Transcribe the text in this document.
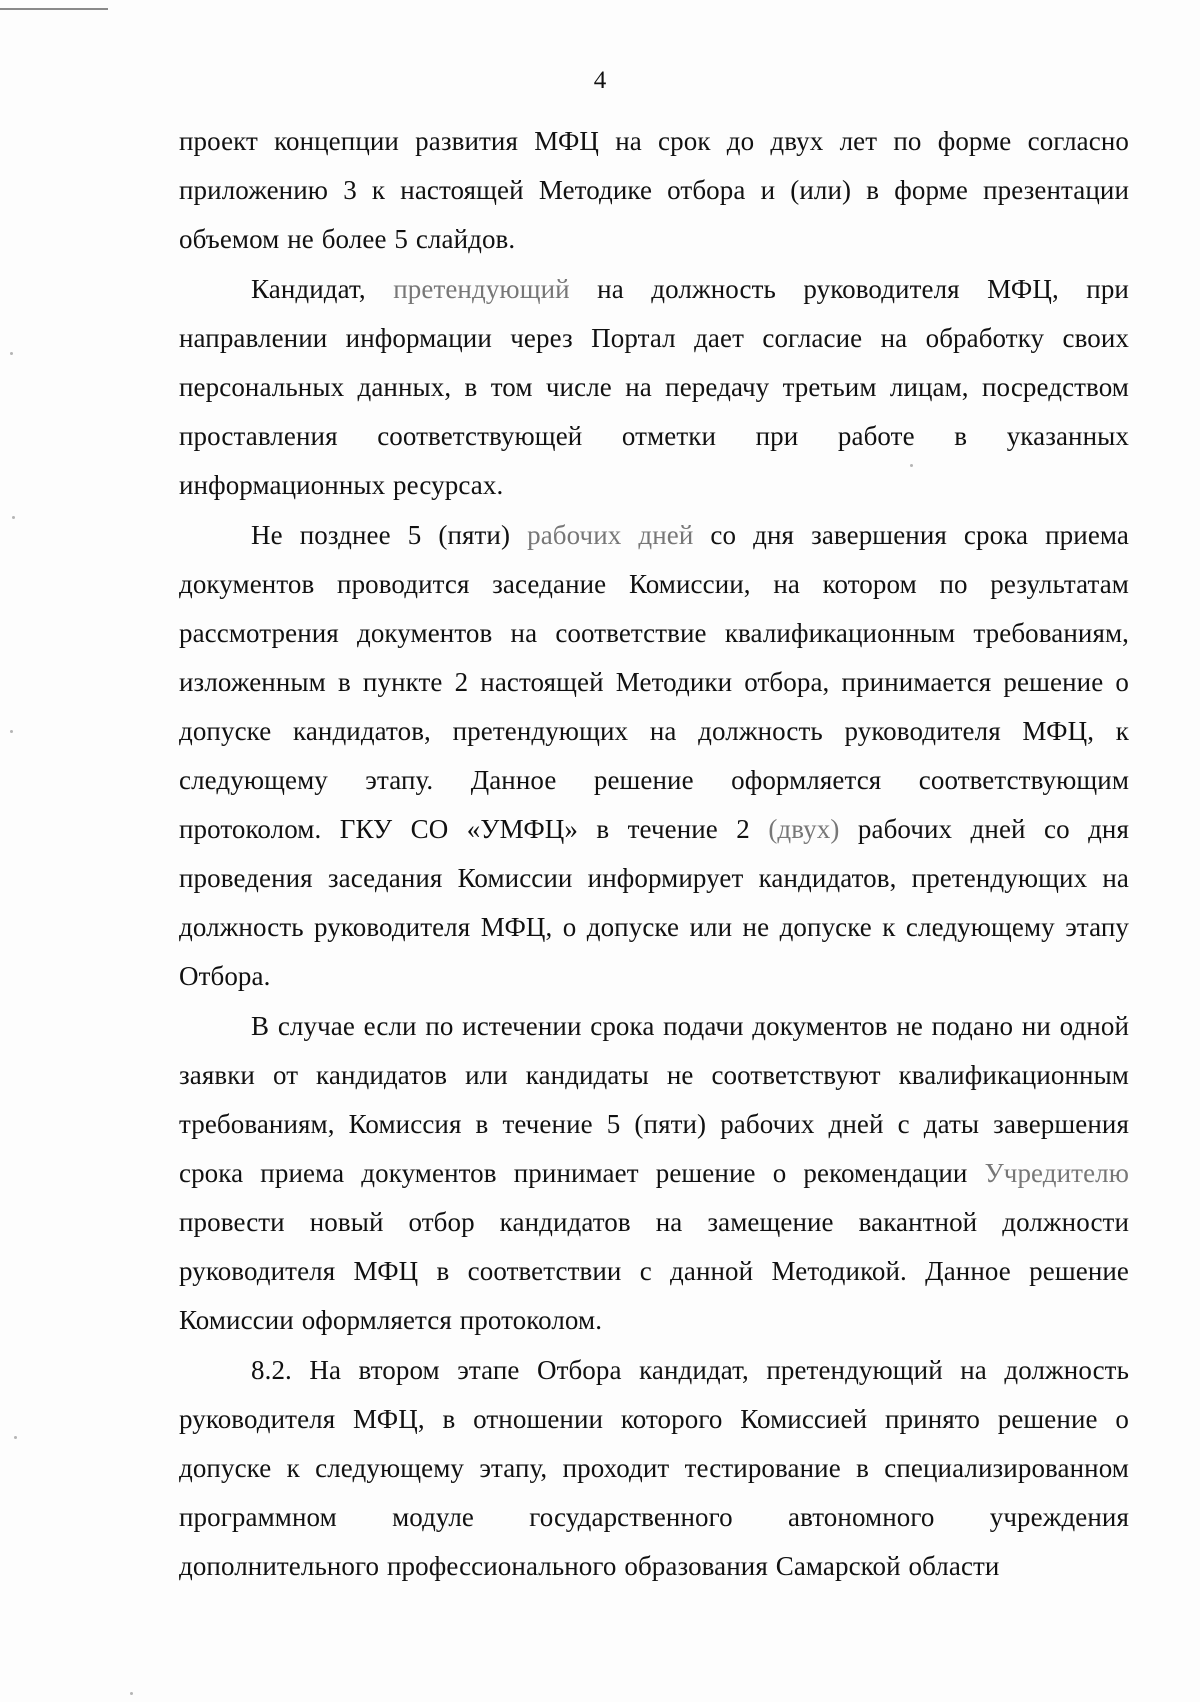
4

проект концепции развития МФЦ на срок до двух лет по форме согласно приложению 3 к настоящей Методике отбора и (или) в форме презентации объемом не более 5 слайдов.

Кандидат, претендующий на должность руководителя МФЦ, при направлении информации через Портал дает согласие на обработку своих персональных данных, в том числе на передачу третьим лицам, посредством проставления соответствующей отметки при работе в указанных информационных ресурсах.

Не позднее 5 (пяти) рабочих дней со дня завершения срока приема документов проводится заседание Комиссии, на котором по результатам рассмотрения документов на соответствие квалификационным требованиям, изложенным в пункте 2 настоящей Методики отбора, принимается решение о допуске кандидатов, претендующих на должность руководителя МФЦ, к следующему этапу. Данное решение оформляется соответствующим протоколом. ГКУ СО «УМФЦ» в течение 2 (двух) рабочих дней со дня проведения заседания Комиссии информирует кандидатов, претендующих на должность руководителя МФЦ, о допуске или не допуске к следующему этапу Отбора.

В случае если по истечении срока подачи документов не подано ни одной заявки от кандидатов или кандидаты не соответствуют квалификационным требованиям, Комиссия в течение 5 (пяти) рабочих дней с даты завершения срока приема документов принимает решение о рекомендации Учредителю провести новый отбор кандидатов на замещение вакантной должности руководителя МФЦ в соответствии с данной Методикой. Данное решение Комиссии оформляется протоколом.

8.2. На втором этапе Отбора кандидат, претендующий на должность руководителя МФЦ, в отношении которого Комиссией принято решение о допуске к следующему этапу, проходит тестирование в специализированном программном модуле государственного автономного учреждения дополнительного профессионального образования Самарской области
